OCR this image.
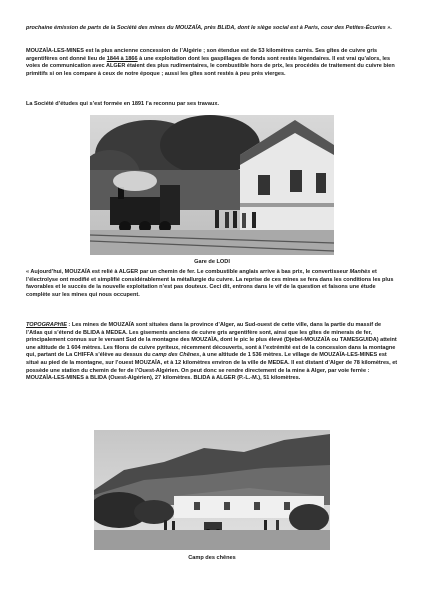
prochaine émission de parts de la Société des mines du MOUZAÏA, près BLIDA, dont le siège social est à Paris, cour des Petites-Écuries ».

MOUZAÏA-LES-MINES est la plus ancienne concession de l’Algérie ; son étendue est de 53 kilomètres carrés. Ses gîtes de cuivre gris argentifères ont donné lieu de 1844 à 1866 à une exploitation dont les gaspillages de fonds sont restés légendaires. Il est vrai qu’alors, les voies de communication avec ALGER étaient des plus rudimentaires, le combustible hors de prix, les procédés de traitement du cuivre bien primitifs si on les compare à ceux de notre époque ; aussi les gîtes sont restés à peu près vierges.

La Société d’études qui s’est formée en 1891 l’a reconnu par ses travaux.

Gare de LODI

« Aujourd’hui, MOUZAÏA est relié à ALGER par un chemin de fer. Le combustible anglais arrive à bas prix, le convertisseur Manhès et l’électrolyse ont modifié et simplifié considérablement la métallurgie du cuivre. La reprise de ces mines se fera dans les conditions les plus favorables et le succès de la nouvelle exploitation n’est pas douteux. Ceci dit, entrons dans le vif de la question et faisons une étude complète sur les mines qui nous occupent.

TOPOGRAPHIE : Les mines de MOUZAÏA sont situées dans la province d’Alger, au Sud-ouest de cette ville, dans la partie du massif de l’Atlas qui s’étend de BLIDA à MEDEA. Les gisements anciens de cuivre gris argentifère sont, ainsi que les gîtes de minerais de fer, principalement connus sur le versant Sud de la montagne des MOUZAÏA, dont le pic le plus élevé (Djebel-MOUZAÏA ou TAMESGUIDA) atteint une altitude de 1 604 mètres. Les filons de cuivre pyriteux, récemment découverts, sont à l’extrémité est de la concession dans la montagne qui, partant de La CHIFFA s’élève au dessus du camp des Chênes, à une altitude de 1 536 mètres. Le village de MOUZAÏA-LES-MINES est situé au pied de la montagne, sur l’ouest MOUZAÏA, et à 12 kilomètres environ de la ville de MEDEA. Il est distant d’Alger de 78 kilomètres, et possède une station du chemin de fer de l’Ouest-Algérien. On peut donc se rendre directement de la mine à Alger, par voie ferrée : MOUZAÏA-LES-MINES à BLIDA (Ouest-Algérien), 27 kilomètres. BLIDA à ALGER (P.-L.-M.), 51 kilomètres.

Camp des chênes
